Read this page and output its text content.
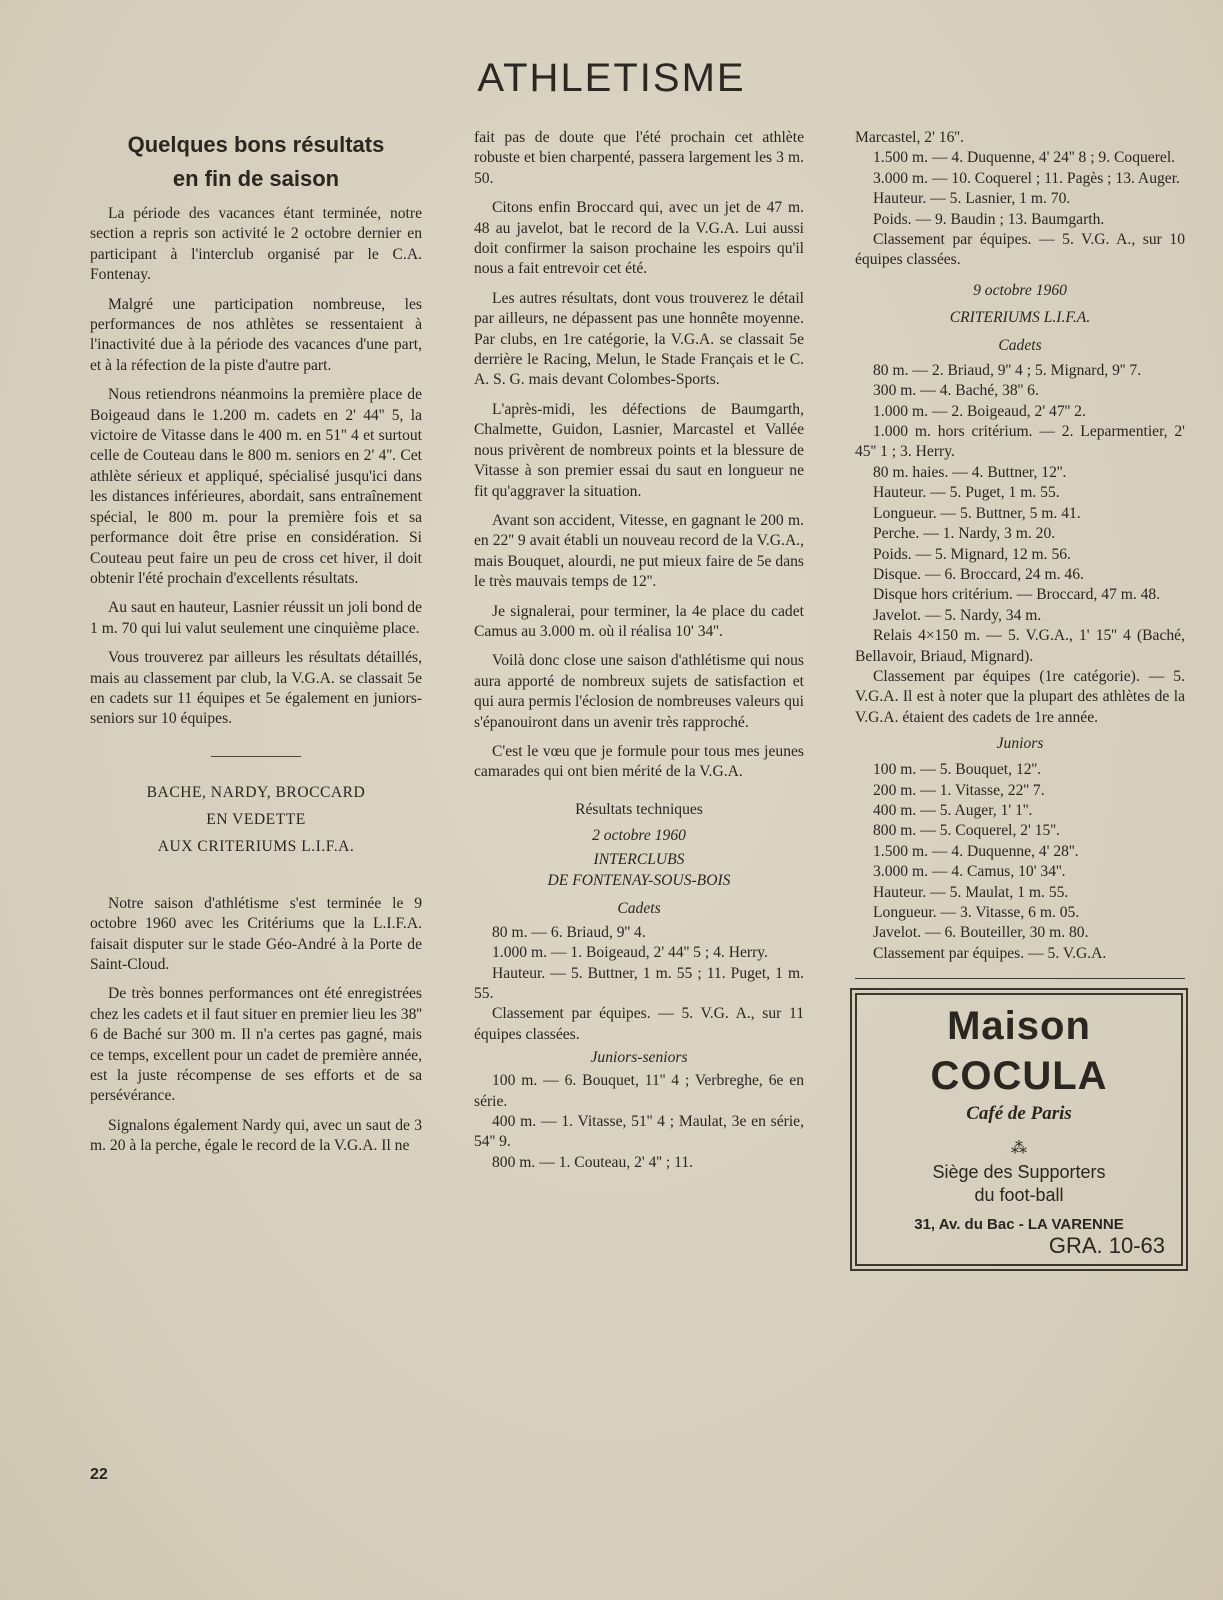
ATHLETISME
Quelques bons résultats
en fin de saison

La période des vacances étant terminée, notre section a repris son activité le 2 octobre dernier en participant à l'interclub organisé par le C.A. Fontenay.

Malgré une participation nombreuse, les performances de nos athlètes se ressentaient à l'inactivité due à la période des vacances d'une part, et à la réfection de la piste d'autre part.

Nous retiendrons néanmoins la première place de Boigeaud dans le 1.200 m. cadets en 2' 44'' 5, la victoire de Vitasse dans le 400 m. en 51'' 4 et surtout celle de Couteau dans le 800 m. seniors en 2' 4''. Cet athlète sérieux et appliqué, spécialisé jusqu'ici dans les distances inférieures, abordait, sans entraînement spécial, le 800 m. pour la première fois et sa performance doit être prise en considération. Si Couteau peut faire un peu de cross cet hiver, il doit obtenir l'été prochain d'excellents résultats.

Au saut en hauteur, Lasnier réussit un joli bond de 1 m. 70 qui lui valut seulement une cinquième place.

Vous trouverez par ailleurs les résultats détaillés, mais au classement par club, la V.G.A. se classait 5e en cadets sur 11 équipes et 5e également en juniors-seniors sur 10 équipes.

BACHE, NARDY, BROCCARD
EN VEDETTE
AUX CRITERIUMS L.I.F.A.

Notre saison d'athlétisme s'est terminée le 9 octobre 1960 avec les Critériums que la L.I.F.A. faisait disputer sur le stade Géo-André à la Porte de Saint-Cloud.

De très bonnes performances ont été enregistrées chez les cadets et il faut situer en premier lieu les 38'' 6 de Baché sur 300 m. Il n'a certes pas gagné, mais ce temps, excellent pour un cadet de première année, est la juste récompense de ses efforts et de sa persévérance.

Signalons également Nardy qui, avec un saut de 3 m. 20 à la perche, égale le record de la V.G.A. Il ne

fait pas de doute que l'été prochain cet athlète robuste et bien charpenté, passera largement les 3 m. 50.

Citons enfin Broccard qui, avec un jet de 47 m. 48 au javelot, bat le record de la V.G.A. Lui aussi doit confirmer la saison prochaine les espoirs qu'il nous a fait entrevoir cet été.

Les autres résultats, dont vous trouverez le détail par ailleurs, ne dépassent pas une honnête moyenne. Par clubs, en 1re catégorie, la V.G.A. se classait 5e derrière le Racing, Melun, le Stade Français et le C. A. S. G. mais devant Colombes-Sports.

L'après-midi, les défections de Baumgarth, Chalmette, Guidon, Lasnier, Marcastel et Vallée nous privèrent de nombreux points et la blessure de Vitasse à son premier essai du saut en longueur ne fit qu'aggraver la situation.

Avant son accident, Vitesse, en gagnant le 200 m. en 22'' 9 avait établi un nouveau record de la V.G.A., mais Bouquet, alourdi, ne put mieux faire de 5e dans le très mauvais temps de 12''.

Je signalerai, pour terminer, la 4e place du cadet Camus au 3.000 m. où il réalisa 10' 34''.

Voilà donc close une saison d'athlétisme qui nous aura apporté de nombreux sujets de satisfaction et qui aura permis l'éclosion de nombreuses valeurs qui s'épanouiront dans un avenir très rapproché.

C'est le vœu que je formule pour tous mes jeunes camarades qui ont bien mérité de la V.G.A.

Résultats techniques
2 octobre 1960
INTERCLUBS
DE FONTENAY-SOUS-BOIS
Cadets
80 m. — 6. Briaud, 9'' 4.
1.000 m. — 1. Boigeaud, 2' 44'' 5 ; 4. Herry.
Hauteur. — 5. Buttner, 1 m. 55 ; 11. Puget, 1 m. 55.
Classement par équipes. — 5. V.G. A., sur 11 équipes classées.
Juniors-seniors
100 m. — 6. Bouquet, 11'' 4 ; Verbreghe, 6e en série.
400 m. — 1. Vitasse, 51'' 4 ; Maulat, 3e en série, 54'' 9.
800 m. — 1. Couteau, 2' 4'' ; 11.
Marcastel, 2' 16''.
1.500 m. — 4. Duquenne, 4' 24'' 8 ; 9. Coquerel.
3.000 m. — 10. Coquerel ; 11. Pagès ; 13. Auger.
Hauteur. — 5. Lasnier, 1 m. 70.
Poids. — 9. Baudin ; 13. Baumgarth.
Classement par équipes. — 5. V.G. A., sur 10 équipes classées.
9 octobre 1960
CRITERIUMS L.I.F.A.
Cadets
80 m. — 2. Briaud, 9'' 4 ; 5. Mignard, 9'' 7.
300 m. — 4. Baché, 38'' 6.
1.000 m. — 2. Boigeaud, 2' 47'' 2.
1.000 m. hors critérium. — 2. Leparmentier, 2' 45'' 1 ; 3. Herry.
80 m. haies. — 4. Buttner, 12''.
Hauteur. — 5. Puget, 1 m. 55.
Longueur. — 5. Buttner, 5 m. 41.
Perche. — 1. Nardy, 3 m. 20.
Poids. — 5. Mignard, 12 m. 56.
Disque. — 6. Broccard, 24 m. 46.
Disque hors critérium. — Broccard, 47 m. 48.
Javelot. — 5. Nardy, 34 m.
Relais 4×150 m. — 5. V.G.A., 1' 15'' 4 (Baché, Bellavoir, Briaud, Mignard).
Classement par équipes (1re catégorie). — 5. V.G.A. Il est à noter que la plupart des athlètes de la V.G.A. étaient des cadets de 1re année.
Juniors
100 m. — 5. Bouquet, 12''.
200 m. — 1. Vitasse, 22'' 7.
400 m. — 5. Auger, 1' 1''.
800 m. — 5. Coquerel, 2' 15''.
1.500 m. — 4. Duquenne, 4' 28''.
3.000 m. — 4. Camus, 10' 34''.
Hauteur. — 5. Maulat, 1 m. 55.
Longueur. — 3. Vitasse, 6 m. 05.
Javelot. — 6. Bouteiller, 30 m. 80.
Classement par équipes. — 5. V.G.A.
Maison COCULA
Café de Paris
⁂
Siège des Supporters
du foot-ball
31, Av. du Bac - LA VARENNE
GRA. 10-63
22
